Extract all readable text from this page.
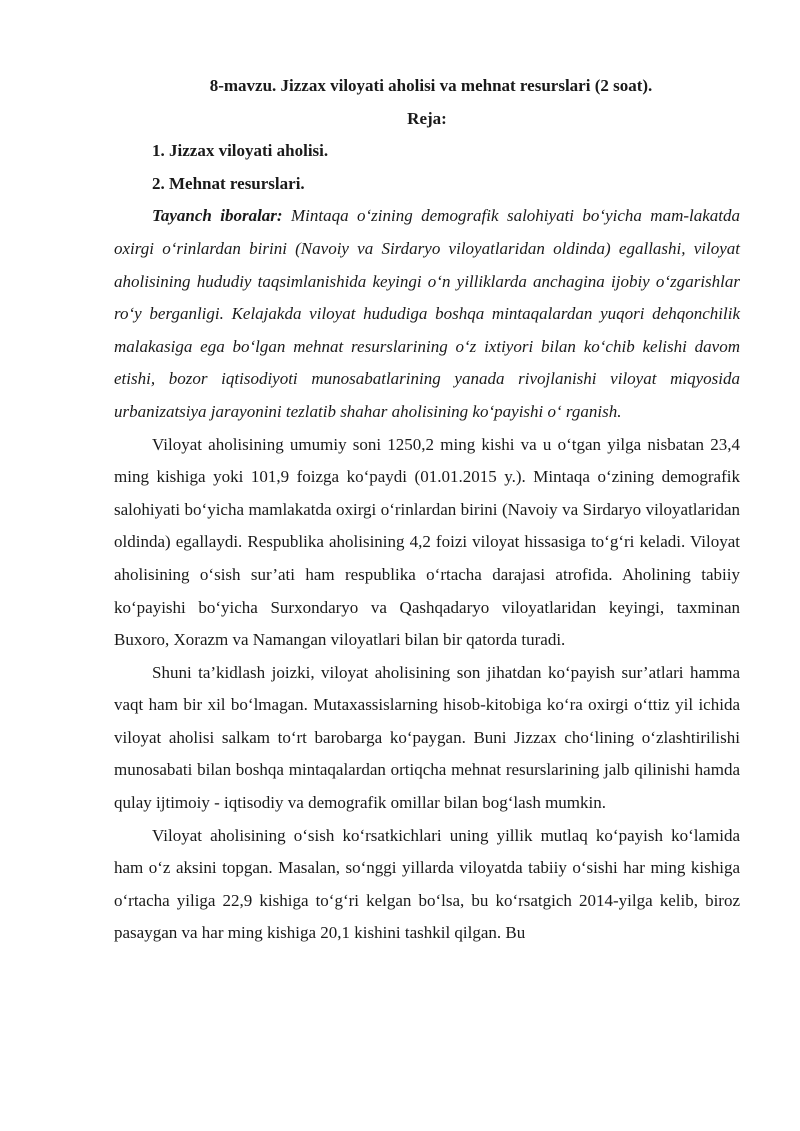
8-mavzu. Jizzax viloyati aholisi va mehnat resurslari (2 soat).

Reja:

1. Jizzax viloyati aholisi.

2. Mehnat resurslari.

Tayanch iboralar: Mintaqa o‘zining demografik salohiyati bo‘yicha mam-lakatda oxirgi o‘rinlardan birini (Navoiy va Sirdaryo viloyatlaridan oldinda) egallashi, viloyat aholisining hududiy taqsimlanishida keyingi o‘n yilliklarda anchagina ijobiy o‘zgarishlar ro‘y berganligi. Kelajakda viloyat hududiga boshqa mintaqalardan yuqori dehqonchilik malakasiga ega bo‘lgan mehnat resurslarining o‘z ixtiyori bilan ko‘chib kelishi davom etishi, bozor iqtisodiyoti munosabatlarining yanada rivojlanishi viloyat miqyosida urbanizatsiya jarayonini tezlatib shahar aholisining ko‘payishi o‘ rganish.

Viloyat aholisining umumiy soni 1250,2 ming kishi va u o‘tgan yilga nisbatan 23,4 ming kishiga yoki 101,9 foizga ko‘paydi (01.01.2015 y.). Mintaqa o‘zining demografik salohiyati bo‘yicha mamlakatda oxirgi o‘rinlardan birini (Navoiy va Sirdaryo viloyatlaridan oldinda) egallaydi. Respublika aholisining 4,2 foizi viloyat hissasiga to‘g‘ri keladi. Viloyat aholisining o‘sish sur’ati ham respublika o‘rtacha darajasi atrofida. Aholining tabiiy ko‘payishi bo‘yicha Surxondaryo va Qashqadaryo viloyatlaridan keyingi, taxminan Buxoro, Xorazm va Namangan viloyatlari bilan bir qatorda turadi.

Shuni ta’kidlash joizki, viloyat aholisining son jihatdan ko‘payish sur’atlari hamma vaqt ham bir xil bo‘lmagan. Mutaxassislarning hisob-kitobiga ko‘ra oxirgi o‘ttiz yil ichida viloyat aholisi salkam to‘rt barobarga ko‘paygan. Buni Jizzax cho‘lining o‘zlashtirilishi munosabati bilan boshqa mintaqalardan ortiqcha mehnat resurslarining jalb qilinishi hamda qulay ijtimoiy - iqtisodiy va demografik omillar bilan bog‘lash mumkin.

Viloyat aholisining o‘sish ko‘rsatkichlari uning yillik mutlaq ko‘payish ko‘lamida ham o‘z aksini topgan. Masalan, so‘nggi yillarda viloyatda tabiiy o‘sishi har ming kishiga o‘rtacha yiliga 22,9 kishiga to‘g‘ri kelgan bo‘lsa, bu ko‘rsatgich 2014-yilga kelib, biroz pasaygan va har ming kishiga 20,1 kishini tashkil qilgan. Bu
